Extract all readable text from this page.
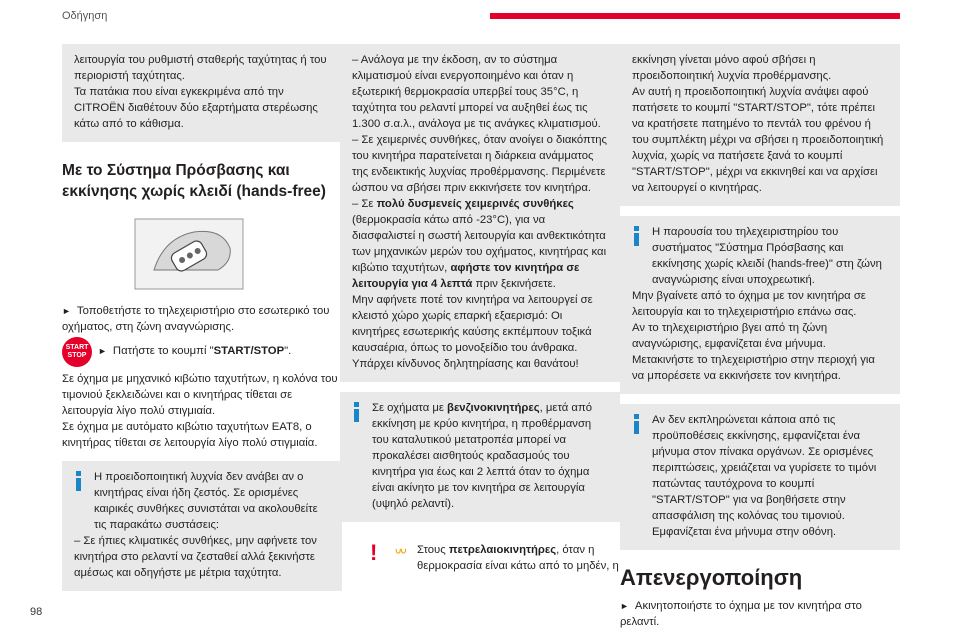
Οδήγηση

λειτουργία του ρυθμιστή σταθερής ταχύτητας ή του περιοριστή ταχύτητας.

Τα πατάκια που είναι εγκεκριμένα από την CITROËN διαθέτουν δύο εξαρτήματα στερέωσης κάτω από το κάθισμα.

Με το Σύστημα Πρόσβασης και εκκίνησης χωρίς κλειδί (hands-free)

► Τοποθετήστε το τηλεχειριστήριο στο εσωτερικό του οχήματος, στη ζώνη αναγνώρισης.

START
STOP ► Πατήστε το κουμπί "START/STOP".

Σε όχημα με μηχανικό κιβώτιο ταχυτήτων, η κολόνα του τιμονιού ξεκλειδώνει και ο κινητήρας τίθεται σε λειτουργία λίγο πολύ στιγμιαία.

Σε όχημα με αυτόματο κιβώτιο ταχυτήτων EAT8, ο κινητήρας τίθεται σε λειτουργία λίγο πολύ στιγμιαία.

Η προειδοποιητική λυχνία δεν ανάβει αν ο κινητήρας είναι ήδη ζεστός. Σε ορισμένες καιρικές συνθήκες συνιστάται να ακολουθείτε τις παρακάτω συστάσεις:

– Σε ήπιες κλιματικές συνθήκες, μην αφήνετε τον κινητήρα στο ρελαντί να ζεσταθεί αλλά ξεκινήστε αμέσως και οδηγήστε με μέτρια ταχύτητα.

– Ανάλογα με την έκδοση, αν το σύστημα κλιματισμού είναι ενεργοποιημένο και όταν η εξωτερική θερμοκρασία υπερβεί τους 35°C, η ταχύτητα του ρελαντί μπορεί να αυξηθεί έως τις 1.300 σ.α.λ., ανάλογα με τις ανάγκες κλιματισμού.

– Σε χειμερινές συνθήκες, όταν ανοίγει ο διακόπτης του κινητήρα παρατείνεται η διάρκεια ανάμματος της ενδεικτικής λυχνίας προθέρμανσης. Περιμένετε ώσπου να σβήσει πριν εκκινήσετε τον κινητήρα.

– Σε πολύ δυσμενείς χειμερινές συνθήκες (θερμοκρασία κάτω από -23°C), για να διασφαλιστεί η σωστή λειτουργία και ανθεκτικότητα των μηχανικών μερών του οχήματος, κινητήρας και κιβώτιο ταχυτήτων, αφήστε τον κινητήρα σε λειτουργία για 4 λεπτά πριν ξεκινήσετε.

Μην αφήνετε ποτέ τον κινητήρα να λειτουργεί σε κλειστό χώρο χωρίς επαρκή εξαερισμό: Οι κινητήρες εσωτερικής καύσης εκπέμπουν τοξικά καυσαέρια, όπως το μονοξείδιο του άνθρακα. Υπάρχει κίνδυνος δηλητηρίασης και θανάτου!

Σε οχήματα με βενζινοκινητήρες, μετά από εκκίνηση με κρύο κινητήρα, η προθέρμανση του καταλυτικού μετατροπέα μπορεί να προκαλέσει αισθητούς κραδασμούς του κινητήρα για έως και 2 λεπτά όταν το όχημα είναι ακίνητο με τον κινητήρα σε λειτουργία (υψηλό ρελαντί).

!	Στους πετρελαιοκινητήρες, όταν η θερμοκρασία είναι κάτω από το μηδέν, η

εκκίνηση γίνεται μόνο αφού σβήσει η προειδοποιητική λυχνία προθέρμανσης.

Αν αυτή η προειδοποιητική λυχνία ανάψει αφού πατήσετε το κουμπί "START/STOP", τότε πρέπει να κρατήσετε πατημένο το πεντάλ του φρένου ή του συμπλέκτη μέχρι να σβήσει η προειδοποιητική λυχνία, χωρίς να πατήσετε ξανά το κουμπί "START/STOP", μέχρι να εκκινηθεί και να αρχίσει να λειτουργεί ο κινητήρας.

Η παρουσία του τηλεχειριστηρίου του συστήματος "Σύστημα Πρόσβασης και εκκίνησης χωρίς κλειδί (hands-free)" στη ζώνη αναγνώρισης είναι υποχρεωτική.

Μην βγαίνετε από το όχημα με τον κινητήρα σε λειτουργία και το τηλεχειριστήριο επάνω σας.

Αν το τηλεχειριστήριο βγει από τη ζώνη αναγνώρισης, εμφανίζεται ένα μήνυμα.

Μετακινήστε το τηλεχειριστήριο στην περιοχή για να μπορέσετε να εκκινήσετε τον κινητήρα.

Αν δεν εκπληρώνεται κάποια από τις προϋποθέσεις εκκίνησης, εμφανίζεται ένα μήνυμα στον πίνακα οργάνων. Σε ορισμένες περιπτώσεις, χρειάζεται να γυρίσετε το τιμόνι πατώντας ταυτόχρονα το κουμπί "START/STOP" για να βοηθήσετε στην απασφάλιση της κολόνας του τιμονιού. Εμφανίζεται ένα μήνυμα στην οθόνη.

Απενεργοποίηση

► Ακινητοποιήστε το όχημα με τον κινητήρα στο ρελαντί.

98
